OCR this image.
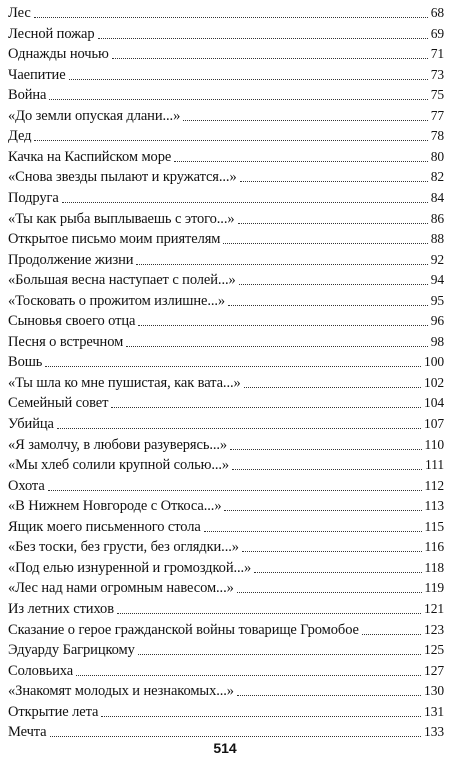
Лес	68
Лесной пожар	69
Однажды ночью	71
Чаепитие	73
Война	75
«До земли опуская длани...»	77
Дед	78
Качка на Каспийском море	80
«Снова звезды пылают и кружатся...»	82
Подруга	84
«Ты как рыба выплываешь с этого...»	86
Открытое письмо моим приятелям	88
Продолжение жизни	92
«Большая весна наступает с полей...»	94
«Тосковать о прожитом излишне...»	95
Сыновья своего отца	96
Песня о встречном	98
Вошь	100
«Ты шла ко мне пушистая, как вата...»	102
Семейный совет	104
Убийца	107
«Я замолчу, в любови разуверясь...»	110
«Мы хлеб солили крупной солью...»	111
Охота	112
«В Нижнем Новгороде с Откоса...»	113
Ящик моего письменного стола	115
«Без тоски, без грусти, без оглядки...»	116
«Под елью изнуренной и громоздкой...»	118
«Лес над нами огромным навесом...»	119
Из летних стихов	121
Сказание о герое гражданской войны товарище Громобое	123
Эдуарду Багрицкому	125
Соловьиха	127
«Знакомят молодых и незнакомых...»	130
Открытие лета	131
Мечта	133
514
